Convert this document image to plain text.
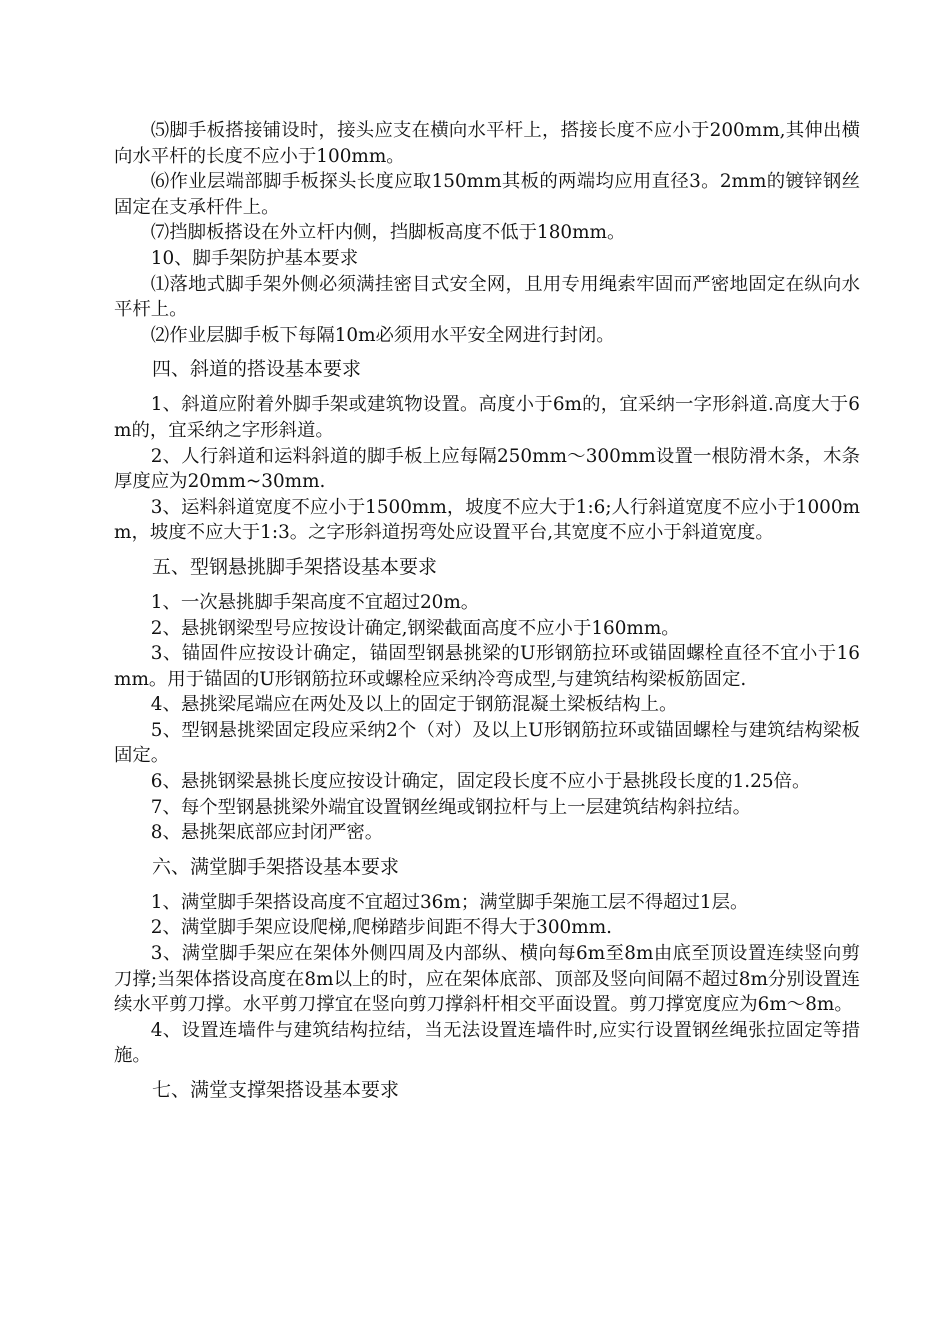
⑸脚手板搭接铺设时，接头应支在横向水平杆上，搭接长度不应小于200mm,其伸出横向水平杆的长度不应小于100mm。

⑹作业层端部脚手板探头长度应取150mm其板的两端均应用直径3。2mm的镀锌钢丝固定在支承杆件上。

⑺挡脚板搭设在外立杆内侧，挡脚板高度不低于180mm。

10、脚手架防护基本要求

⑴落地式脚手架外侧必须满挂密目式安全网，且用专用绳索牢固而严密地固定在纵向水平杆上。

⑵作业层脚手板下每隔10m必须用水平安全网进行封闭。

四、斜道的搭设基本要求

1、斜道应附着外脚手架或建筑物设置。高度小于6m的，宜采纳一字形斜道.高度大于6m的，宜采纳之字形斜道。

2、人行斜道和运料斜道的脚手板上应每隔250mm～300mm设置一根防滑木条，木条厚度应为20mm~30mm.

3、运料斜道宽度不应小于1500mm，坡度不应大于1:6;人行斜道宽度不应小于1000mm，坡度不应大于1:3。之字形斜道拐弯处应设置平台,其宽度不应小于斜道宽度。

五、型钢悬挑脚手架搭设基本要求

1、一次悬挑脚手架高度不宜超过20m。

2、悬挑钢梁型号应按设计确定,钢梁截面高度不应小于160mm。

3、锚固件应按设计确定，锚固型钢悬挑梁的U形钢筋拉环或锚固螺栓直径不宜小于16mm。用于锚固的U形钢筋拉环或螺栓应采纳冷弯成型,与建筑结构梁板筋固定.

4、悬挑梁尾端应在两处及以上的固定于钢筋混凝土梁板结构上。

5、型钢悬挑梁固定段应采纳2个（对）及以上U形钢筋拉环或锚固螺栓与建筑结构梁板固定。

6、悬挑钢梁悬挑长度应按设计确定，固定段长度不应小于悬挑段长度的1.25倍。

7、每个型钢悬挑梁外端宜设置钢丝绳或钢拉杆与上一层建筑结构斜拉结。

8、悬挑架底部应封闭严密。

六、满堂脚手架搭设基本要求

1、满堂脚手架搭设高度不宜超过36m；满堂脚手架施工层不得超过1层。

2、满堂脚手架应设爬梯,爬梯踏步间距不得大于300mm.

3、满堂脚手架应在架体外侧四周及内部纵、横向每6m至8m由底至顶设置连续竖向剪刀撑;当架体搭设高度在8m以上的时，应在架体底部、顶部及竖向间隔不超过8m分别设置连续水平剪刀撑。水平剪刀撑宜在竖向剪刀撑斜杆相交平面设置。剪刀撑宽度应为6m～8m。

4、设置连墙件与建筑结构拉结，当无法设置连墙件时,应实行设置钢丝绳张拉固定等措施。

七、满堂支撑架搭设基本要求
